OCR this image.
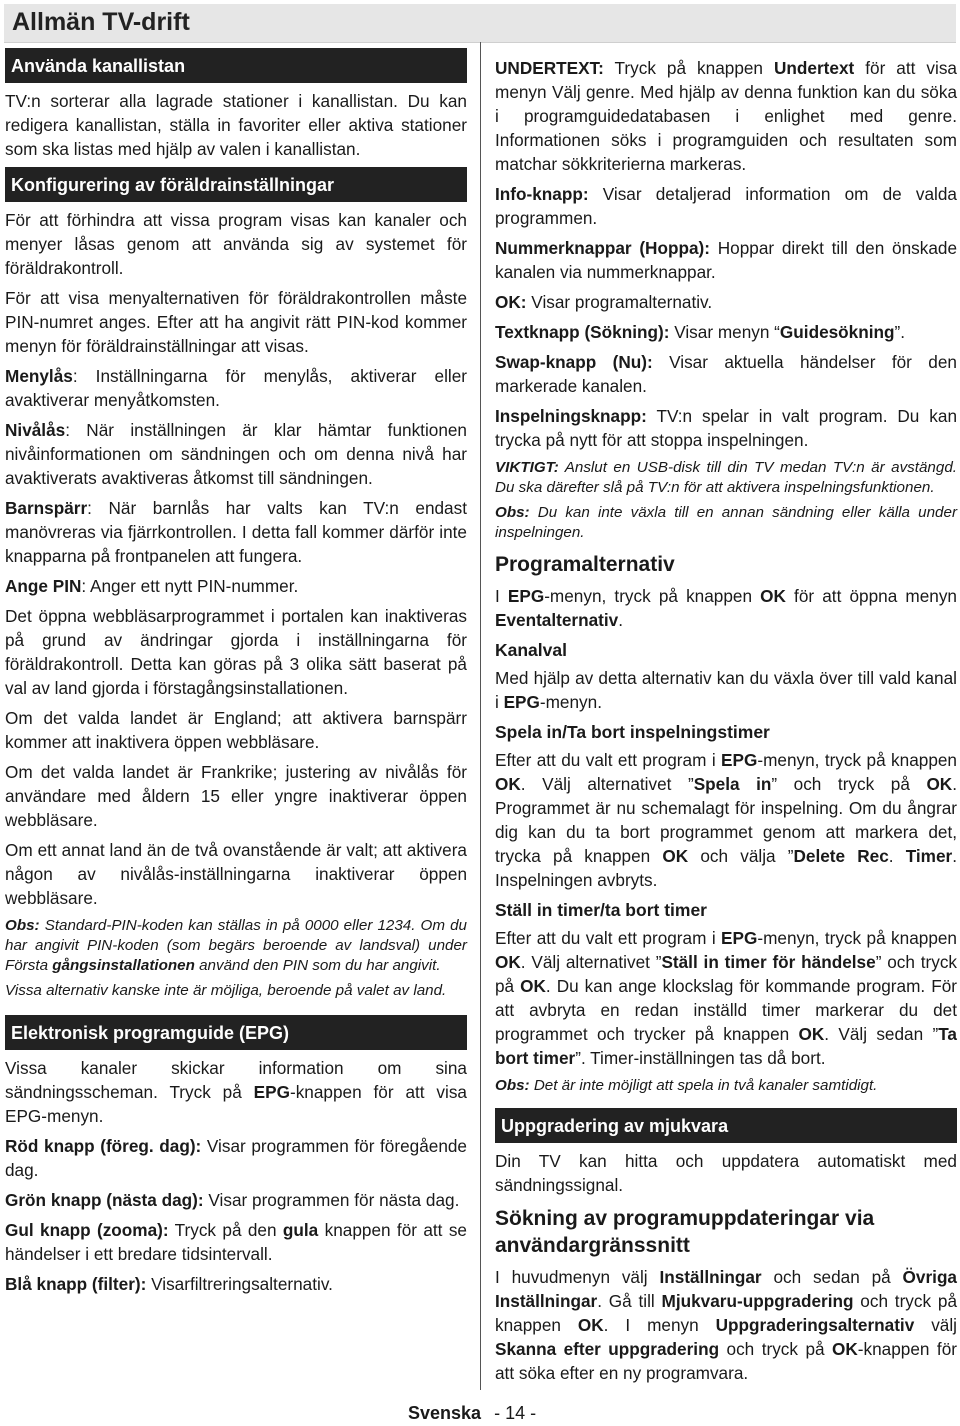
Allmän TV-drift
Använda kanallistan

TV:n sorterar alla lagrade stationer i kanallistan. Du kan redigera kanallistan, ställa in favoriter eller aktiva stationer som ska listas med hjälp av valen i kanallistan.

Konfigurering av föräldrainställningar

För att förhindra att vissa program visas kan kanaler och menyer låsas genom att använda sig av systemet för föräldrakontroll.

För att visa menyalternativen för föräldrakontrollen måste PIN-numret anges. Efter att ha angivit rätt PIN-kod kommer menyn för föräldrainställningar att visas.

Menylås: Inställningarna för menylås, aktiverar eller avaktiverar menyåtkomsten.

Nivålås: När inställningen är klar hämtar funktionen nivåinformationen om sändningen och om denna nivå har avaktiverats avaktiveras åtkomst till sändningen.

Barnspärr: När barnlås har valts kan TV:n endast manövreras via fjärrkontrollen. I detta fall kommer därför inte knapparna på frontpanelen att fungera.

Ange PIN: Anger ett nytt PIN-nummer.

Det öppna webbläsarprogrammet i portalen kan inaktiveras på grund av ändringar gjorda i inställningarna för föräldrakontroll. Detta kan göras på 3 olika sätt baserat på val av land gjorda i förstagångsinstallationen.

Om det valda landet är England; att aktivera barnspärr kommer att inaktivera öppen webbläsare.

Om det valda landet är Frankrike; justering av nivålås för användare med åldern 15 eller yngre inaktiverar öppen webbläsare.

Om ett annat land än de två ovanstående är valt; att aktivera någon av nivålås-inställningarna inaktiverar öppen webbläsare.

Obs: Standard-PIN-koden kan ställas in på 0000 eller 1234. Om du har angivit PIN-koden (som begärs beroende av landsval) under Första gångsinstallationen använd den PIN som du har angivit.

Vissa alternativ kanske inte är möjliga, beroende på valet av land.

Elektronisk programguide (EPG)

Vissa kanaler skickar information om sina sändningsscheman. Tryck på EPG-knappen för att visa EPG-menyn.

Röd knapp (föreg. dag): Visar programmen för föregående dag.

Grön knapp (nästa dag): Visar programmen för nästa dag.

Gul knapp (zooma): Tryck på den gula knappen för att se händelser i ett bredare tidsintervall.

Blå knapp (filter): Visarfiltreringsalternativ.

UNDERTEXT: Tryck på knappen Undertext för att visa menyn Välj genre. Med hjälp av denna funktion kan du söka i programguidedatabasen i enlighet med genre. Informationen söks i programguiden och resultaten som matchar sökkriterierna markeras.

Info-knapp: Visar detaljerad information om de valda programmen.

Nummerknappar (Hoppa): Hoppar direkt till den önskade kanalen via nummerknappar.

OK: Visar programalternativ.

Textknapp (Sökning): Visar menyn “Guidesökning”.

Swap-knapp (Nu): Visar aktuella händelser för den markerade kanalen.

Inspelningsknapp: TV:n spelar in valt program. Du kan trycka på nytt för att stoppa inspelningen.

VIKTIGT: Anslut en USB-disk till din TV medan TV:n är avstängd. Du ska därefter slå på TV:n för att aktivera inspelningsfunktionen.

Obs: Du kan inte växla till en annan sändning eller källa under inspelningen.

Programalternativ

I EPG-menyn, tryck på knappen OK för att öppna menyn Eventalternativ.

Kanalval

Med hjälp av detta alternativ kan du växla över till vald kanal i EPG-menyn.

Spela in/Ta bort inspelningstimer

Efter att du valt ett program i EPG-menyn, tryck på knappen OK. Välj alternativet ”Spela in” och tryck på OK. Programmet är nu schemalagt för inspelning. Om du ångrar dig kan du ta bort programmet genom att markera det, trycka på knappen OK och välja ”Delete Rec. Timer. Inspelningen avbryts.

Ställ in timer/ta bort timer

Efter att du valt ett program i EPG-menyn, tryck på knappen OK. Välj alternativet ”Ställ in timer för händelse” och tryck på OK. Du kan ange klockslag för kommande program. För att avbryta en redan inställd timer markerar du det programmet och trycker på knappen OK. Välj sedan ”Ta bort timer”. Timer-inställningen tas då bort.

Obs: Det är inte möjligt att spela in två kanaler samtidigt.

Uppgradering av mjukvara

Din TV kan hitta och uppdatera automatiskt med sändningssignal.

Sökning av programuppdateringar via användargränssnitt

I huvudmenyn välj Inställningar och sedan på Övriga Inställningar. Gå till Mjukvaru-uppgradering och tryck på knappen OK. I menyn Uppgraderingsalternativ välj Skanna efter uppgradering och tryck på OK-knappen för att söka efter en ny programvara.

Svenska - 14 -
